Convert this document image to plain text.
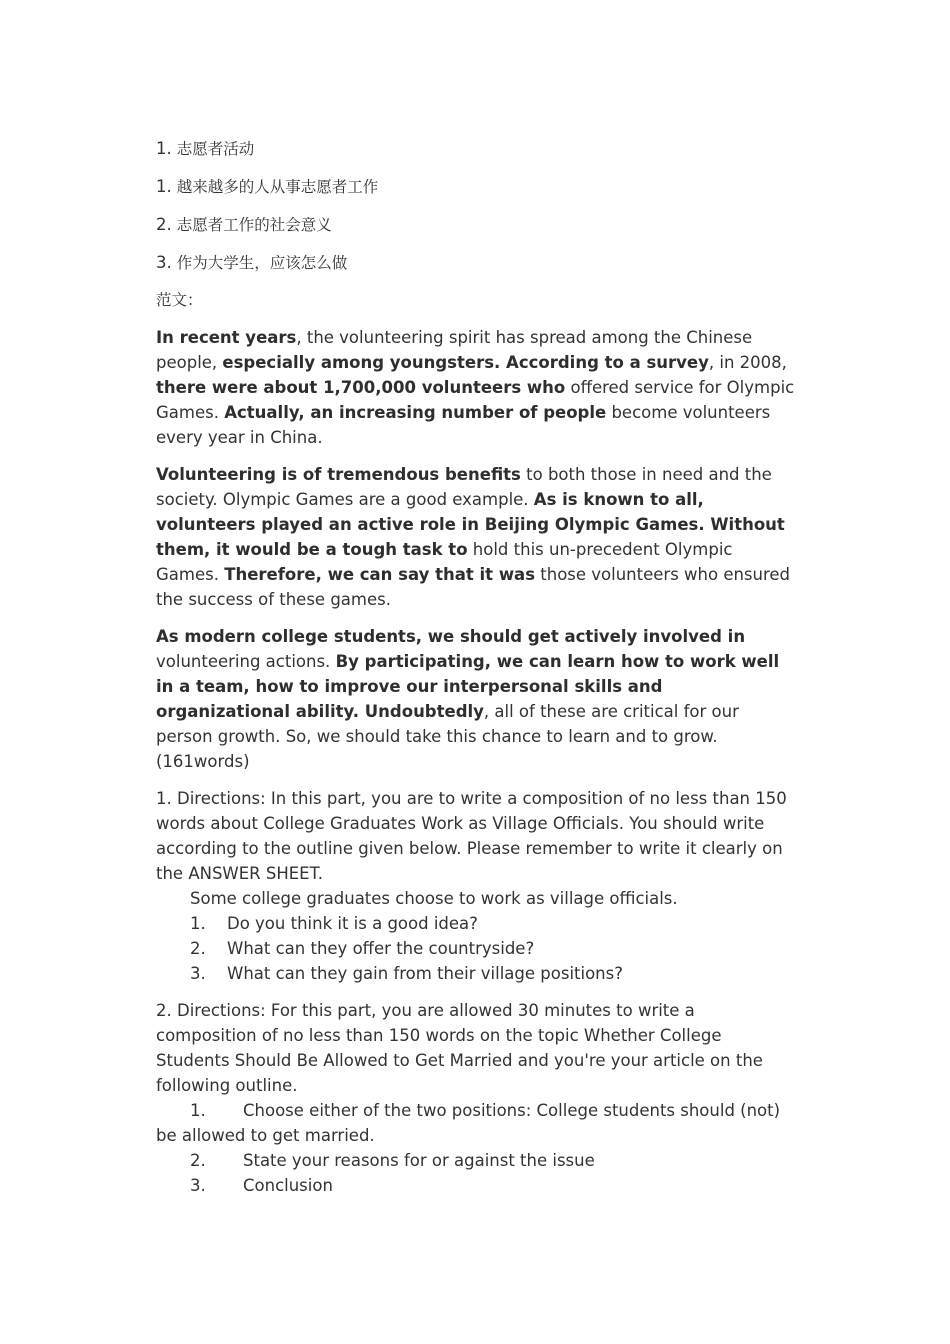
1. 志愿者活动

1. 越来越多的人从事志愿者工作

2. 志愿者工作的社会意义

3. 作为大学生，应该怎么做

范文：

In recent years, the volunteering spirit has spread among the Chinese people, especially among youngsters. According to a survey, in 2008, there were about 1,700,000 volunteers who offered service for Olympic Games. Actually, an increasing number of people become volunteers every year in China.

Volunteering is of tremendous benefits to both those in need and the society. Olympic Games are a good example. As is known to all, volunteers played an active role in Beijing Olympic Games. Without them, it would be a tough task to hold this un-precedent Olympic Games. Therefore, we can say that it was those volunteers who ensured the success of these games.

As modern college students, we should get actively involved in volunteering actions. By participating, we can learn how to work well in a team, how to improve our interpersonal skills and organizational ability. Undoubtedly, all of these are critical for our person growth. So, we should take this chance to learn and to grow.(161words)

1. Directions: In this part, you are to write a composition of no less than 150 words about College Graduates Work as Village Officials. You should write according to the outline given below. Please remember to write it clearly on the ANSWER SHEET.
Some college graduates choose to work as village officials.
1.	Do you think it is a good idea?
2.	What can they offer the countryside?
3.	What can they gain from their village positions?
2. Directions: For this part, you are allowed 30 minutes to write a composition of no less than 150 words on the topic Whether College Students Should Be Allowed to Get Married and you're your article on the following outline.
1. Choose either of the two positions: College students should (not) be allowed to get married.
2.	State your reasons for or against the issue
3.	Conclusion
